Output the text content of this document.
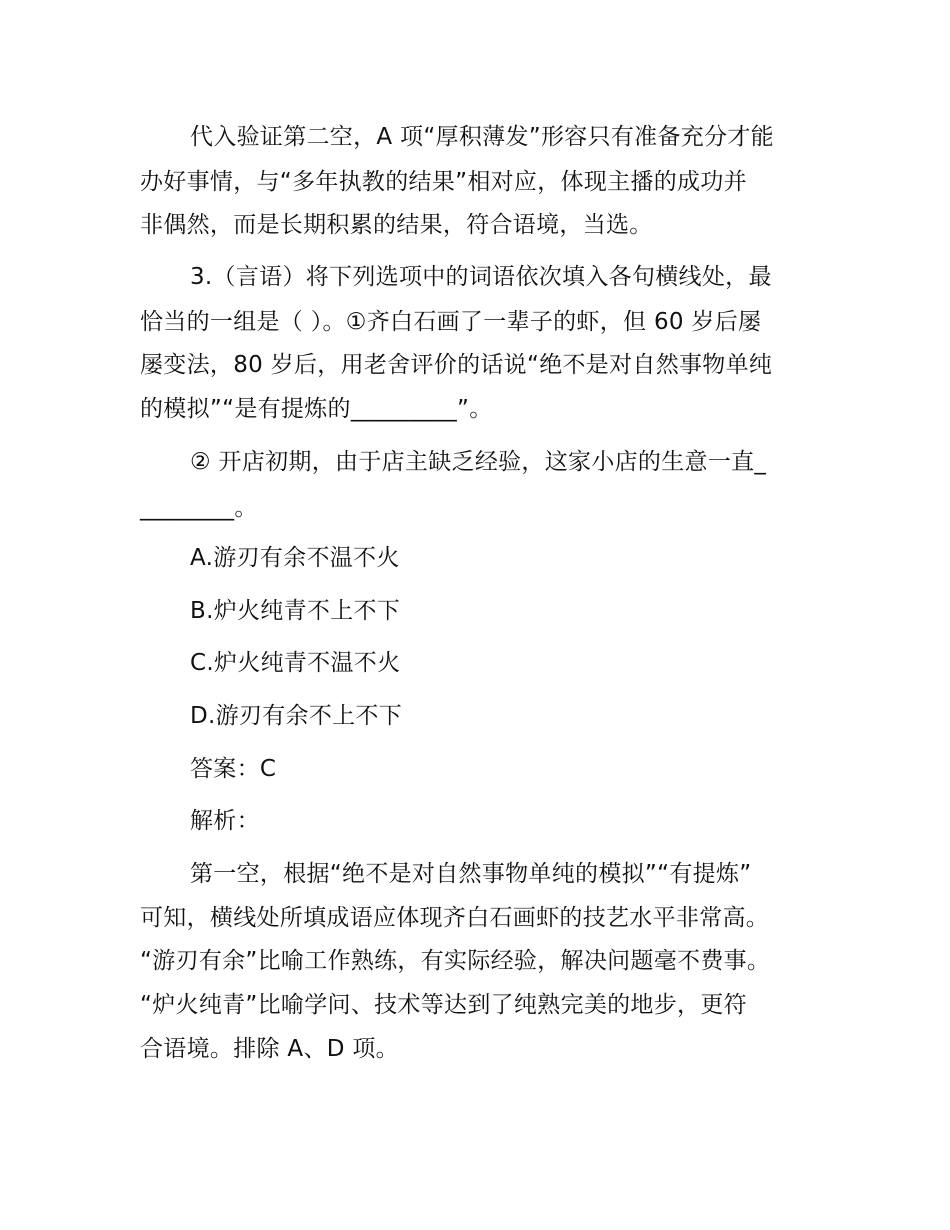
代入验证第二空，A 项“厚积薄发”形容只有准备充分才能
办好事情，与“多年执教的结果”相对应，体现主播的成功并
非偶然，而是长期积累的结果，符合语境，当选。
3.（言语）将下列选项中的词语依次填入各句横线处，最
恰当的一组是（ ）。①齐白石画了一辈子的虾，但 60 岁后屡
屡变法，80 岁后，用老舍评价的话说“绝不是对自然事物单纯
的模拟”“是有提炼的_________”。
② 开店初期，由于店主缺乏经验，这家小店的生意一直_
________。
A.游刃有余不温不火
B.炉火纯青不上不下
C.炉火纯青不温不火
D.游刃有余不上不下
答案：C
解析：
第一空，根据“绝不是对自然事物单纯的模拟”“有提炼”
可知，横线处所填成语应体现齐白石画虾的技艺水平非常高。
“游刃有余”比喻工作熟练，有实际经验，解决问题毫不费事。
“炉火纯青”比喻学问、技术等达到了纯熟完美的地步，更符
合语境。排除 A、D 项。
